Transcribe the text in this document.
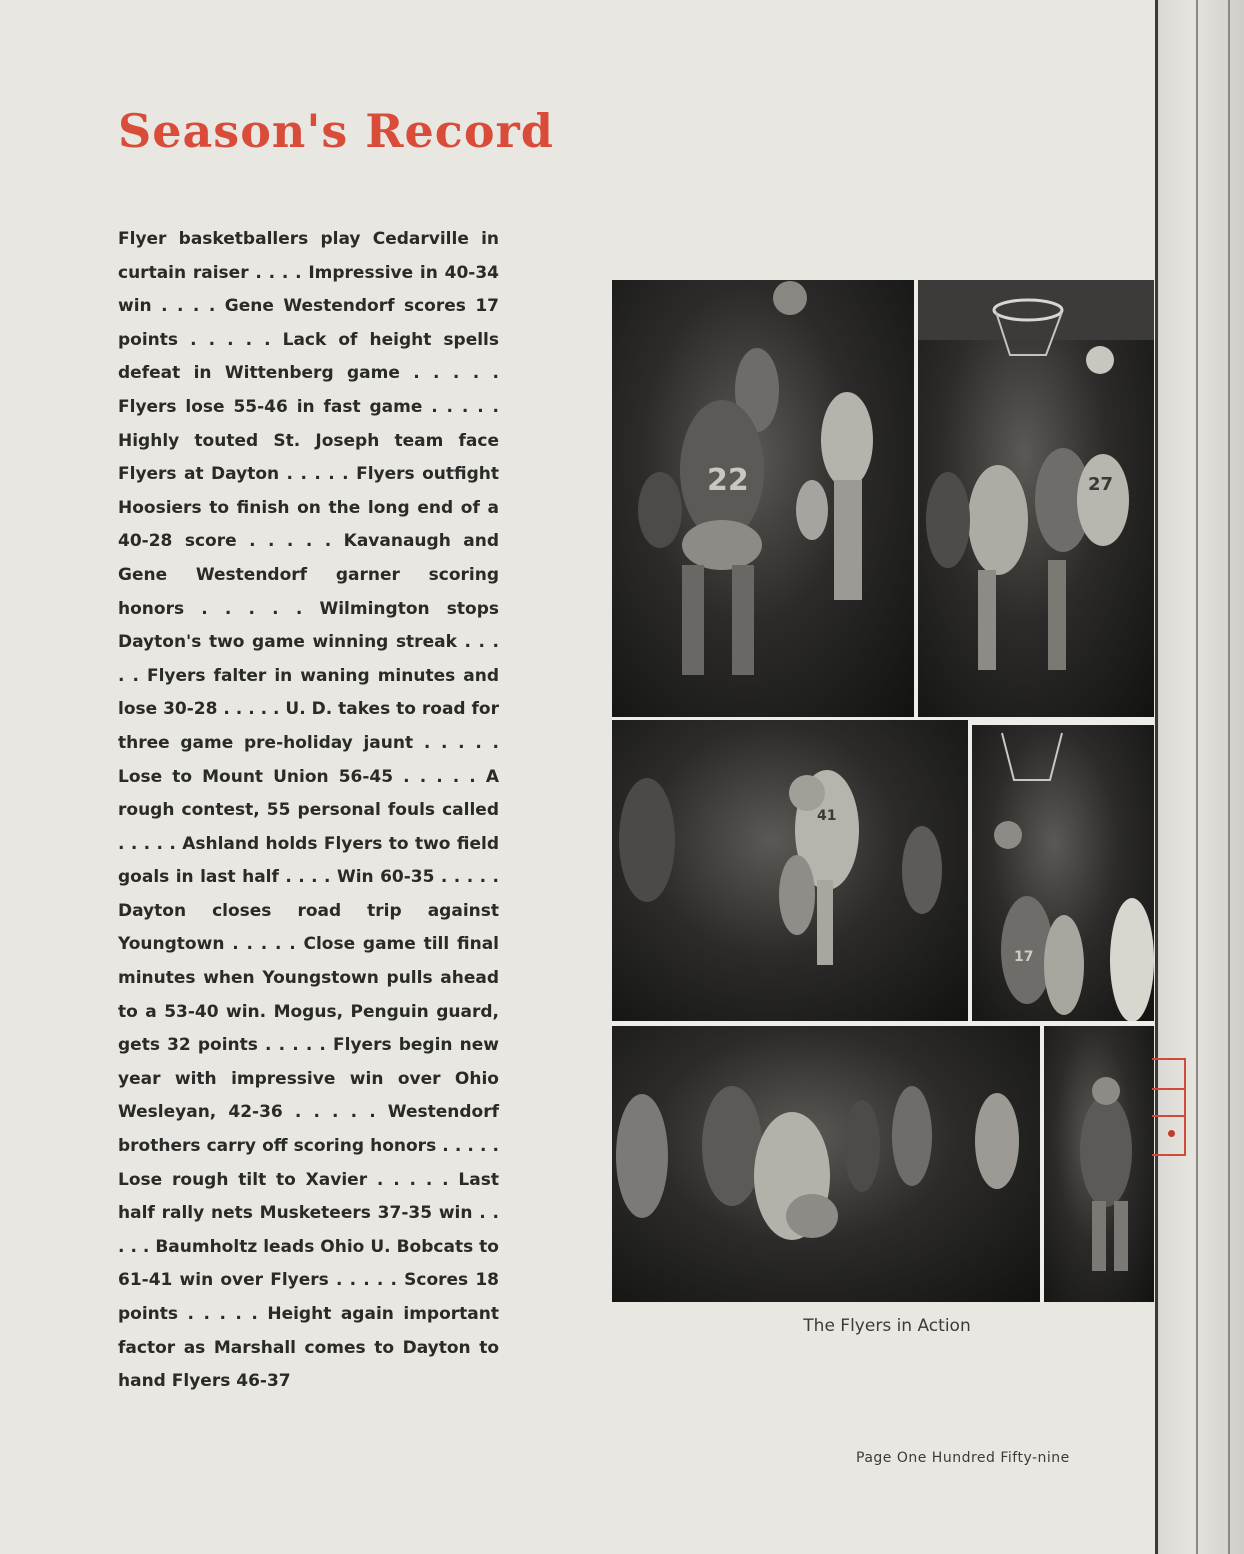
Season's Record
Flyer basketballers play Cedarville in curtain raiser . . . . Impressive in 40-34 win . . . . Gene Westendorf scores 17 points . . . . . Lack of height spells defeat in Wittenberg game . . . . . Flyers lose 55-46 in fast game . . . . . Highly touted St. Joseph team face Flyers at Dayton . . . . . Flyers outfight Hoosiers to finish on the long end of a 40-28 score . . . . . Kavanaugh and Gene Westendorf garner scoring honors . . . . . Wilmington stops Dayton's two game winning streak . . . . . Flyers falter in waning minutes and lose 30-28 . . . . . U. D. takes to road for three game pre-holiday jaunt . . . . . Lose to Mount Union 56-45 . . . . . A rough contest, 55 personal fouls called . . . . . Ashland holds Flyers to two field goals in last half . . . . Win 60-35 . . . . . Dayton closes road trip against Youngtown . . . . . Close game till final minutes when Youngstown pulls ahead to a 53-40 win. Mogus, Penguin guard, gets 32 points . . . . . Flyers begin new year with impressive win over Ohio Wesleyan, 42-36 . . . . . Westendorf brothers carry off scoring honors . . . . . Lose rough tilt to Xavier . . . . . Last half rally nets Musketeers 37-35 win . . . . . Baumholtz leads Ohio U. Bobcats to 61-41 win over Flyers . . . . . Scores 18 points . . . . . Height again important factor as Marshall comes to Dayton to hand Flyers 46-37
22	27
41
17
The Flyers in Action
Page One Hundred Fifty-nine
